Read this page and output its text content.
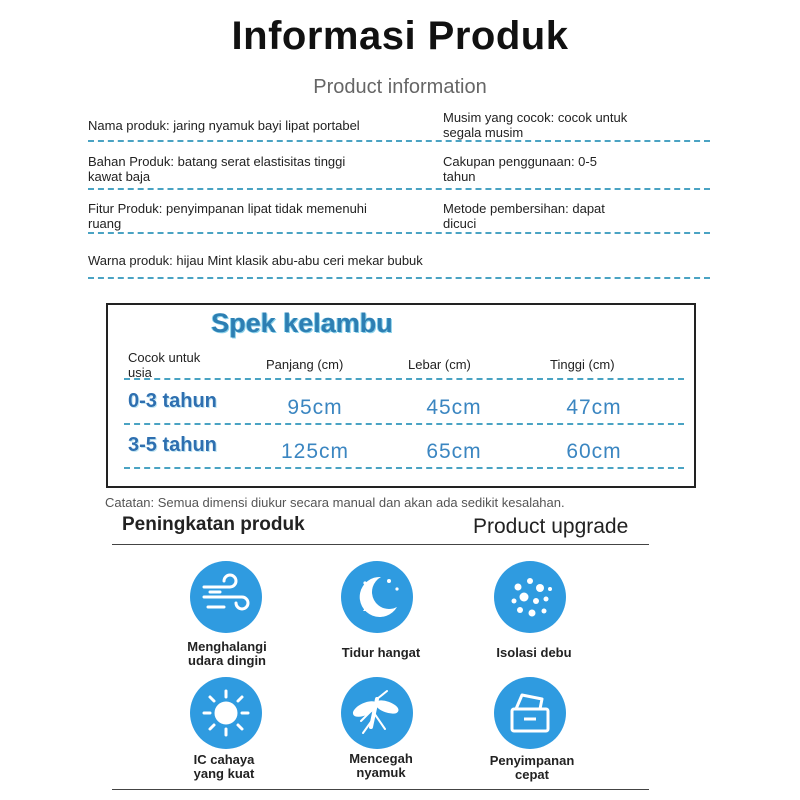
Informasi Produk
Product information
Nama produk: jaring nyamuk bayi lipat portabel
Musim yang cocok: cocok untuk
segala musim
Bahan Produk: batang serat elastisitas tinggi
kawat baja
Cakupan penggunaan: 0-5
tahun
Fitur Produk: penyimpanan lipat tidak memenuhi
ruang
Metode pembersihan: dapat
dicuci
Warna produk: hijau Mint klasik abu-abu ceri mekar bubuk
Spek kelambu
Cocok untuk
usia
Panjang (cm)	Lebar (cm)	Tinggi (cm)
0-3 tahun	95cm	45cm	47cm
3-5 tahun	125cm	65cm	60cm
Catatan: Semua dimensi diukur secara manual dan akan ada sedikit kesalahan.
Peningkatan produk	Product upgrade
Menghalangi
udara dingin
Tidur hangat	Isolasi debu
IC cahaya
yang kuat
Mencegah
nyamuk
Penyimpanan
cepat
